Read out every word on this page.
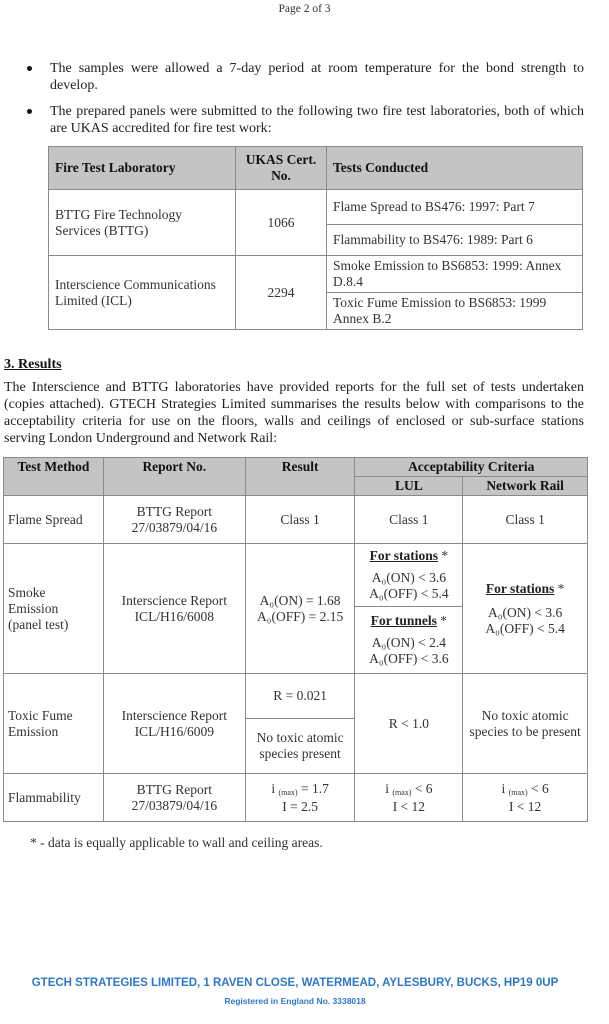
Page 2 of 3
The samples were allowed a 7-day period at room temperature for the bond strength to develop.
The prepared panels were submitted to the following two fire test laboratories, both of which are UKAS accredited for fire test work:
Fire Test Laboratory	UKAS Cert. No.	Tests Conducted
BTTG Fire Technology Services (BTTG)	1066	Flame Spread to BS476: 1997: Part 7
		Flammability to BS476: 1989: Part 6
Interscience Communications Limited (ICL)	2294	Smoke Emission to BS6853: 1999: Annex D.8.4
		Toxic Fume Emission to BS6853: 1999 Annex B.2
3. Results

The Interscience and BTTG laboratories have provided reports for the full set of tests undertaken (copies attached). GTECH Strategies Limited summarises the results below with comparisons to the acceptability criteria for use on the floors, walls and ceilings of enclosed or sub-surface stations serving London Underground and Network Rail:

Test Method	Report No.	Result	Acceptability Criteria	
			LUL	Network Rail
Flame Spread	BTTG Report
27/03879/04/16	Class 1	Class 1	Class 1
Smoke
Emission
(panel test)	Interscience Report
ICL/H16/6008	A₀(ON) = 1.68
A₀(OFF) = 2.15	For stations *
A₀(ON) < 3.6
A₀(OFF) < 5.4	For stations *
A₀(ON) < 3.6
A₀(OFF) < 5.4
			For tunnels *
A₀(ON) < 2.4
A₀(OFF) < 3.6	
Toxic Fume
Emission	Interscience Report
ICL/H16/6009	R = 0.021	R < 1.0	No toxic atomic species to be present
		No toxic atomic species present		
Flammability	BTTG Report
27/03879/04/16	i (max) = 1.7
I = 2.5	i (max) < 6
I < 12	i (max) < 6
I < 12
* - data is equally applicable to wall and ceiling areas.
GTECH STRATEGIES LIMITED, 1 RAVEN CLOSE, WATERMEAD, AYLESBURY, BUCKS, HP19 0UP
Registered in England No. 3338018
